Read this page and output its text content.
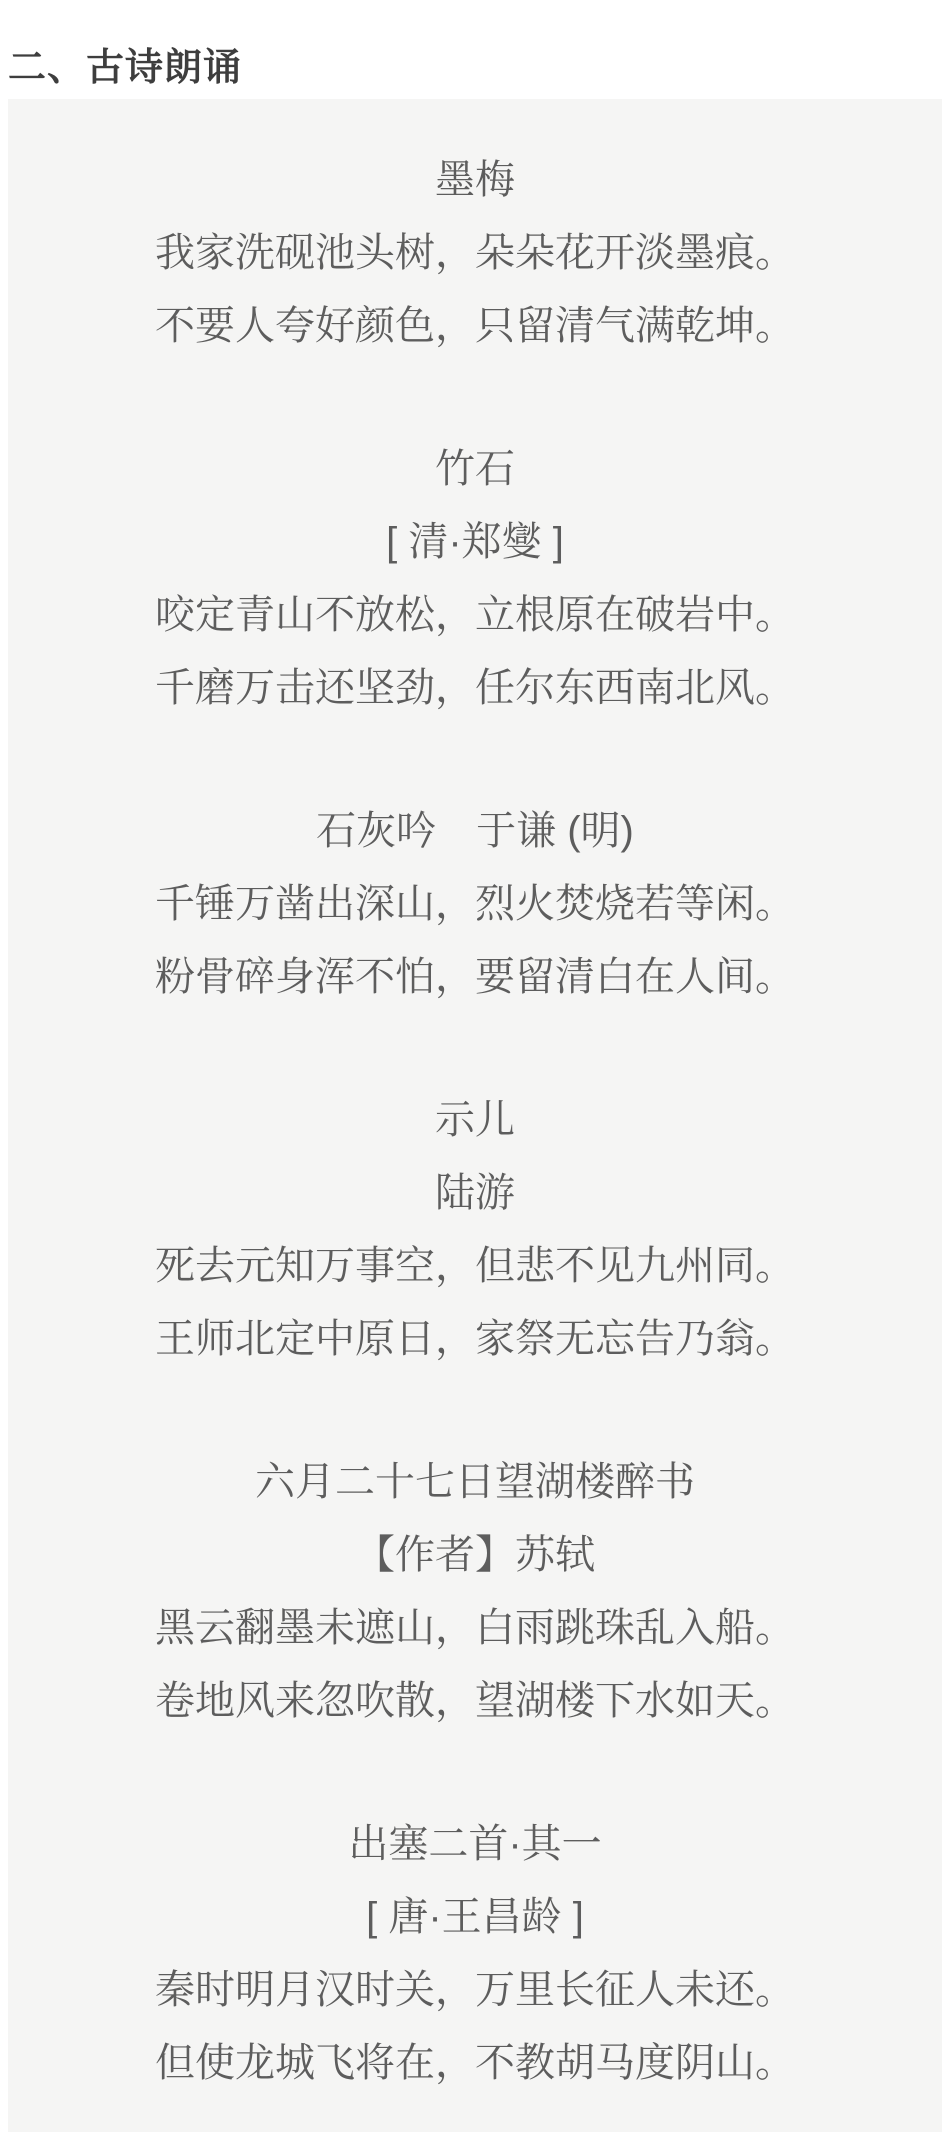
二、古诗朗诵
墨梅
我家洗砚池头树，朵朵花开淡墨痕。
不要人夸好颜色，只留清气满乾坤。
竹石
[ 清·郑燮 ]
咬定青山不放松，立根原在破岩中。
千磨万击还坚劲，任尔东西南北风。
石灰吟　于谦 (明)
千锤万凿出深山，烈火焚烧若等闲。
粉骨碎身浑不怕，要留清白在人间。
示儿
陆游
死去元知万事空，但悲不见九州同。
王师北定中原日，家祭无忘告乃翁。
六月二十七日望湖楼醉书
【作者】苏轼
黑云翻墨未遮山，白雨跳珠乱入船。
卷地风来忽吹散，望湖楼下水如天。
出塞二首·其一
[ 唐·王昌龄 ]
秦时明月汉时关，万里长征人未还。
但使龙城飞将在，不教胡马度阴山。
